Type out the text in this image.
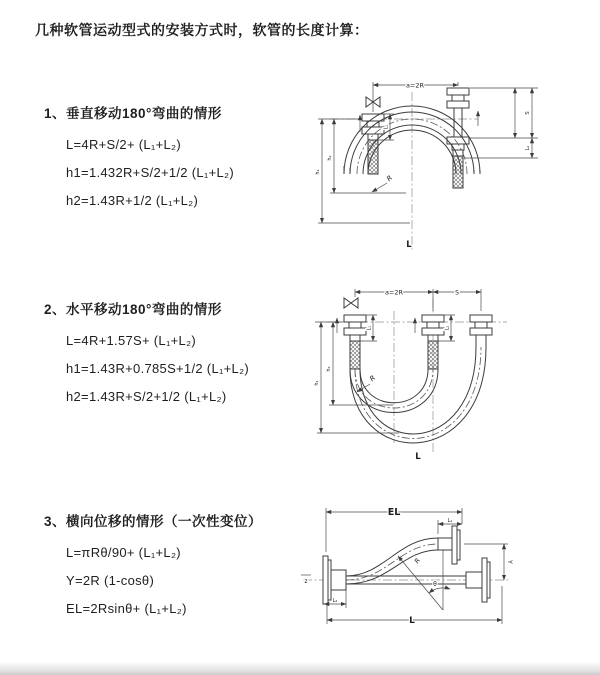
几种软管运动型式的安装方式时，软管的长度计算：
1、垂直移动180°弯曲的情形
L=4R+S/2+ (L₁+L₂)
h1=1.432R+S/2+1/2 (L₁+L₂)
h2=1.43R+1/2 (L₁+L₂)
2、水平移动180°弯曲的情形
L=4R+1.57S+ (L₁+L₂)
h1=1.43R+0.785S+1/2 (L₁+L₂)
h2=1.43R+S/2+1/2 (L₁+L₂)
3、横向位移的情形（一次性变位）
L=πRθ/90+ (L₁+L₂)
Y=2R (1-cosθ)
EL=2Rsinθ+ (L₁+L₂)
a=2R
S
L₂
h₁
h₂
L₁
R
L
a=2R	S
h₁
h₂
L₁	L₂
R
L
EL
L₁
Y
θ
R
L
L₂
z
